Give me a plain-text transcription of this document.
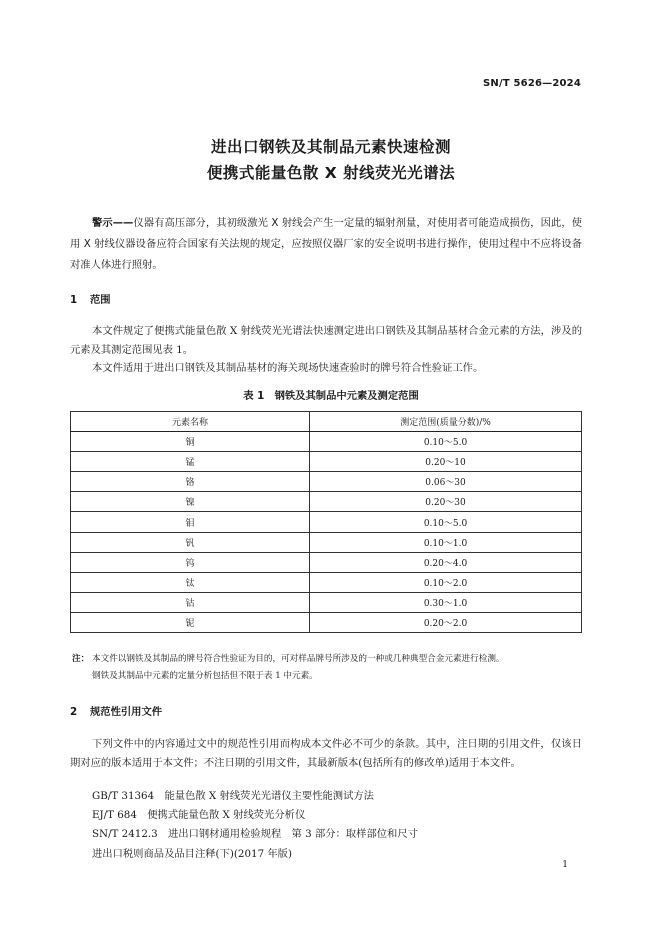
SN/T 5626—2024
进出口钢铁及其制品元素快速检测
便携式能量色散 X 射线荧光光谱法
警示——仪器有高压部分，其初级激光 X 射线会产生一定量的辐射剂量，对使用者可能造成损伤，因此，使用 X 射线仪器设备应符合国家有关法规的规定，应按照仪器厂家的安全说明书进行操作，使用过程中不应将设备对准人体进行照射。
1 范围
本文件规定了便携式能量色散 X 射线荧光光谱法快速测定进出口钢铁及其制品基材合金元素的方法，涉及的元素及其测定范围见表 1。
本文件适用于进出口钢铁及其制品基材的海关现场快速查验时的牌号符合性验证工作。
表 1　钢铁及其制品中元素及测定范围
元素名称	测定范围(质量分数)/%
铜	0.10～5.0
锰	0.20～10
铬	0.06～30
镍	0.20～30
钼	0.10～5.0
钒	0.10～1.0
钨	0.20～4.0
钛	0.10～2.0
钴	0.30～1.0
铌	0.20～2.0
注： 本文件以钢铁及其制品的牌号符合性验证为目的，可对样品牌号所涉及的一种或几种典型合金元素进行检测。
钢铁及其制品中元素的定量分析包括但不限于表 1 中元素。
2 规范性引用文件
下列文件中的内容通过文中的规范性引用而构成本文件必不可少的条款。其中，注日期的引用文件，仅该日期对应的版本适用于本文件；不注日期的引用文件，其最新版本(包括所有的修改单)适用于本文件。
GB/T 31364　能量色散 X 射线荧光光谱仪主要性能测试方法
EJ/T 684　便携式能量色散 X 射线荧光分析仪
SN/T 2412.3　进出口钢材通用检验规程　第 3 部分：取样部位和尺寸
进出口税则商品及品目注释(下)(2017 年版)
1
